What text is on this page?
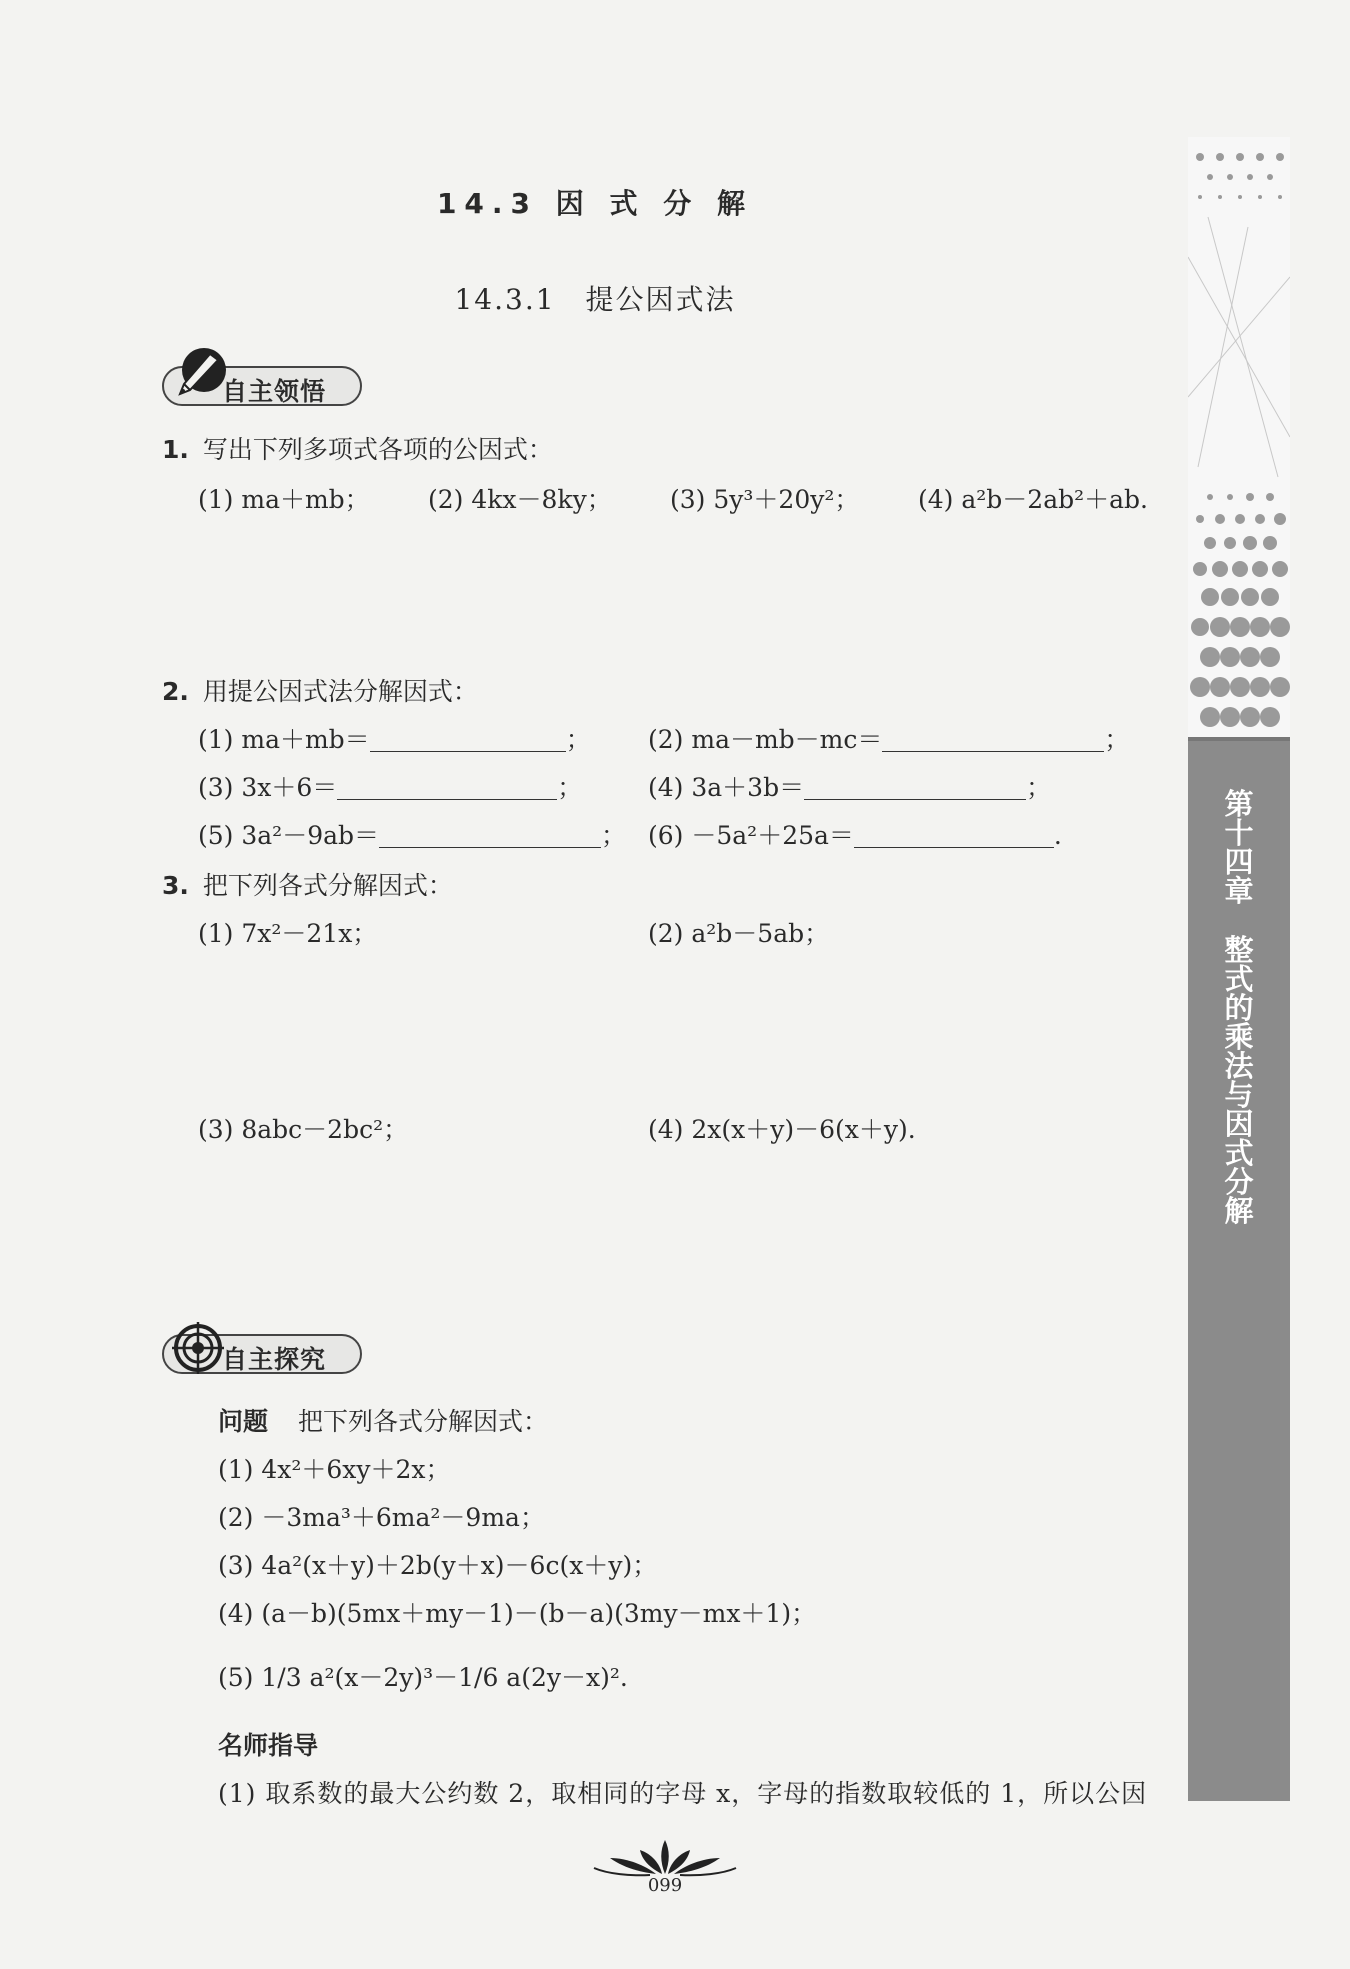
14.3 因 式 分 解
14.3.1　提公因式法
自主领悟
1. 写出下列多项式各项的公因式：
(1) ma＋mb； (2) 4kx－8ky； (3) 5y³＋20y²； (4) a²b－2ab²＋ab.
2. 用提公因式法分解因式：
(1) ma＋mb＝	； (2) ma－mb－mc＝	；
(3) 3x＋6＝	；	(4) 3a＋3b＝	；
(5) 3a²－9ab＝	； (6) －5a²＋25a＝	.
3. 把下列各式分解因式：
(1) 7x²－21x；	(2) a²b－5ab；
(3) 8abc－2bc²；	(4) 2x(x＋y)－6(x＋y).
自主探究
问题 把下列各式分解因式：
(1) 4x²＋6xy＋2x；
(2) －3ma³＋6ma²－9ma；
(3) 4a²(x＋y)＋2b(y＋x)－6c(x＋y)；
(4) (a－b)(5mx＋my－1)－(b－a)(3my－mx＋1)；
(5) 1/3 a²(x－2y)³－1/6 a(2y－x)².
名师指导
(1) 取系数的最大公约数 2，取相同的字母 x，字母的指数取较低的 1，所以公因
099
第十四章
整式的乘法与因式分解
